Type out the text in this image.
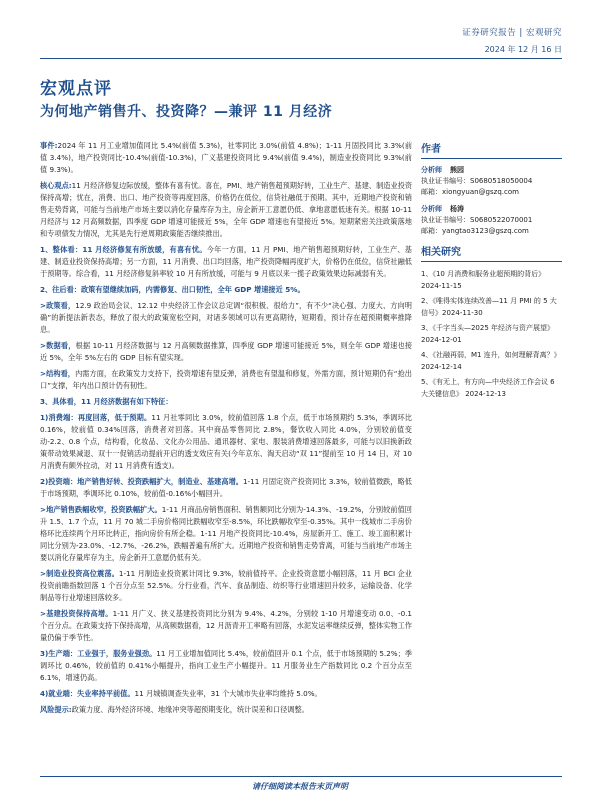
证券研究报告 | 宏观研究
2024 年 12 月 16 日
宏观点评
为何地产销售升、投资降？—兼评 11 月经济
事件:2024 年 11 月工业增加值同比 5.4%(前值 5.3%)，社零同比 3.0%(前值 4.8%)；1-11 月固投同比 3.3%(前值 3.4%)，地产投资同比-10.4%(前值-10.3%)，广义基建投资同比 9.4%(前值 9.4%)，制造业投资同比 9.3%(前值 9.3%)。
核心观点:11 月经济修复边际放缓，整体有喜有忧。喜在，PMI、地产销售超预期好转，工业生产、基建、制造业投资保持高增；忧在，消费、出口、地产投资等再度回落，价格仍在低位，信贷社融低于预期。其中，近期地产投资和销售走势背离，可能与当前地产市场主要以消化存量库存为主，房企新开工意愿仍低、拿地意愿低迷有关。根据 10-11 月经济与 12 月高频数据，四季度 GDP 增速可能接近 5%，全年 GDP 增速也有望接近 5%。短期紧密关注政策落地和专项债发力情况，尤其是先行逆周期政策能否继续推出。
1、整体看：11 月经济修复有所放缓，有喜有忧。今年一方面，11 月 PMI、地产销售超预期好转，工业生产、基建、制造业投资保持高增；另一方面，11 月消费、出口均回落，地产投资降幅再度扩大，价格仍在低位，信贷社融低于预期等。综合看，11 月经济修复斜率较 10 月有所放缓，可能与 9 月底以来一揽子政策效果边际减弱有关。
2、往后看：政策有望继续加码，内需修复、出口韧性，全年 GDP 增速接近 5%。
>政策看，12.9 政治局会议、12.12 中央经济工作会议总定调“很积极、很给力”，有不少“决心强、力度大、方向明确”的新提法新表态，释放了很大的政策宽松空间，对诸多领域可以有更高期待，短期看，预计存在超预期概率推降息。
>数据看，根据 10-11 月经济数据与 12 月高频数据推算，四季度 GDP 增速可能接近 5%，则全年 GDP 增速也接近 5%，全年 5%左右的 GDP 目标有望实现。
>结构看，内需方面，在政策发力支持下，投资增速有望反弹，消费也有望温和修复，外需方面，预计短期仍有“抢出口”支撑，年内出口预计仍有韧性。
3、具体看，11 月经济数据有如下特征：
1)消费端：再度回落，低于预期。11 月社零同比 3.0%，较前值回落 1.8 个点，低于市场预期约 5.3%，季调环比 0.16%，较前值 0.34%回落，消费者对回落。其中商品零售同比 2.8%，餐饮收入同比 4.0%，分别较前值变动-2.2、0.8 个点，结构看，化妆品、文化办公用品、通讯器材、家电、服装消费增速回落最多，可能与以旧换新政策带动效果减退、双十一促销活动提前开启的透支效应有关(今年京东、淘天启动“双 11”提前至 10 月 14 日，对 10 月消费有颇外拉动，对 11 月消费有透支)。
2)投资端：地产销售好转、投资跌幅扩大，制造业、基建高增。1-11 月固定资产投资同比 3.3%，较前值微跌，略低于市场预期，季调环比 0.10%，较前值-0.16%小幅回升。
>地产销售跌幅收窄，投资跌幅扩大。1-11 月商品房销售面积、销售额同比分别为-14.3%、-19.2%，分别较前值回升 1.5、1.7 个点，11 月 70 城二手房价格同比跌幅收窄至-8.5%，环比跌幅收窄至-0.35%。其中一线城市二手房价格环比连续两个月环比转正，指向房价有所企稳。1-11 月地产投资同比-10.4%，房屋新开工、施工、竣工面积累计同比分别为-23.0%、-12.7%、-26.2%，跌幅普遍有所扩大。近期地产投资和销售走势背离，可能与当前地产市场主要以消化存量库存为主，房企新开工意愿仍低有关。
>制造业投资高位震荡。1-11 月制造业投资累计同比 9.3%，较前值持平。企业投资意愿小幅回落，11 月 BCI 企业投资前瞻指数回落 1 个百分点至 52.5%。分行业看，汽车、食品制造、纺织等行业增速回升较多，运输设备、化学制品等行业增速回落较多。
>基建投资保持高增。1-11 月广义、狭义基建投资同比分别为 9.4%、4.2%，分别较 1-10 月增速变动 0.0、-0.1 个百分点。在政策支持下保持高增，从高频数据看，12 月沥青开工率略有回落，水泥发运率继续反弹，整体实物工作量仍偏于季节性。
3)生产端：工业强于，服务业强劲。11 月工业增加值同比 5.4%，较前值回升 0.1 个点，低于市场预期的 5.2%；季调环比 0.46%，较前值的 0.41%小幅提升，指向工业生产小幅提升。11 月服务业生产指数同比 0.2 个百分点至 6.1%，增速仍高。
4)就业端：失业率持平前值。11 月城镇调查失业率，31 个大城市失业率均维持 5.0%。
风险提示:政策力度、海外经济环境、地缘冲突等超预期变化，统计误差和口径调整。
作者
分析师 熊园
执业证书编号：S0680518050004
邮箱：xiongyuan@gszq.com
分析师 杨涛
执业证书编号：S0680522070001
邮箱：yangtao3123@gszq.com
相关研究
1、《10 月消费和服务业超预期的背后》 2024-11-15
2、《唯得实体连续改善—11 月 PMI 的 5 大信号》2024-11-30
3、《千字当头—2025 年经济与资产展望》2024-12-01
4、《社融再弱，M1 连升，如何理解背离？》 2024-12-14
5、《有无上，有方向—中央经济工作会议 6 大关键信息》 2024-12-13
请仔细阅读本报告末页声明
